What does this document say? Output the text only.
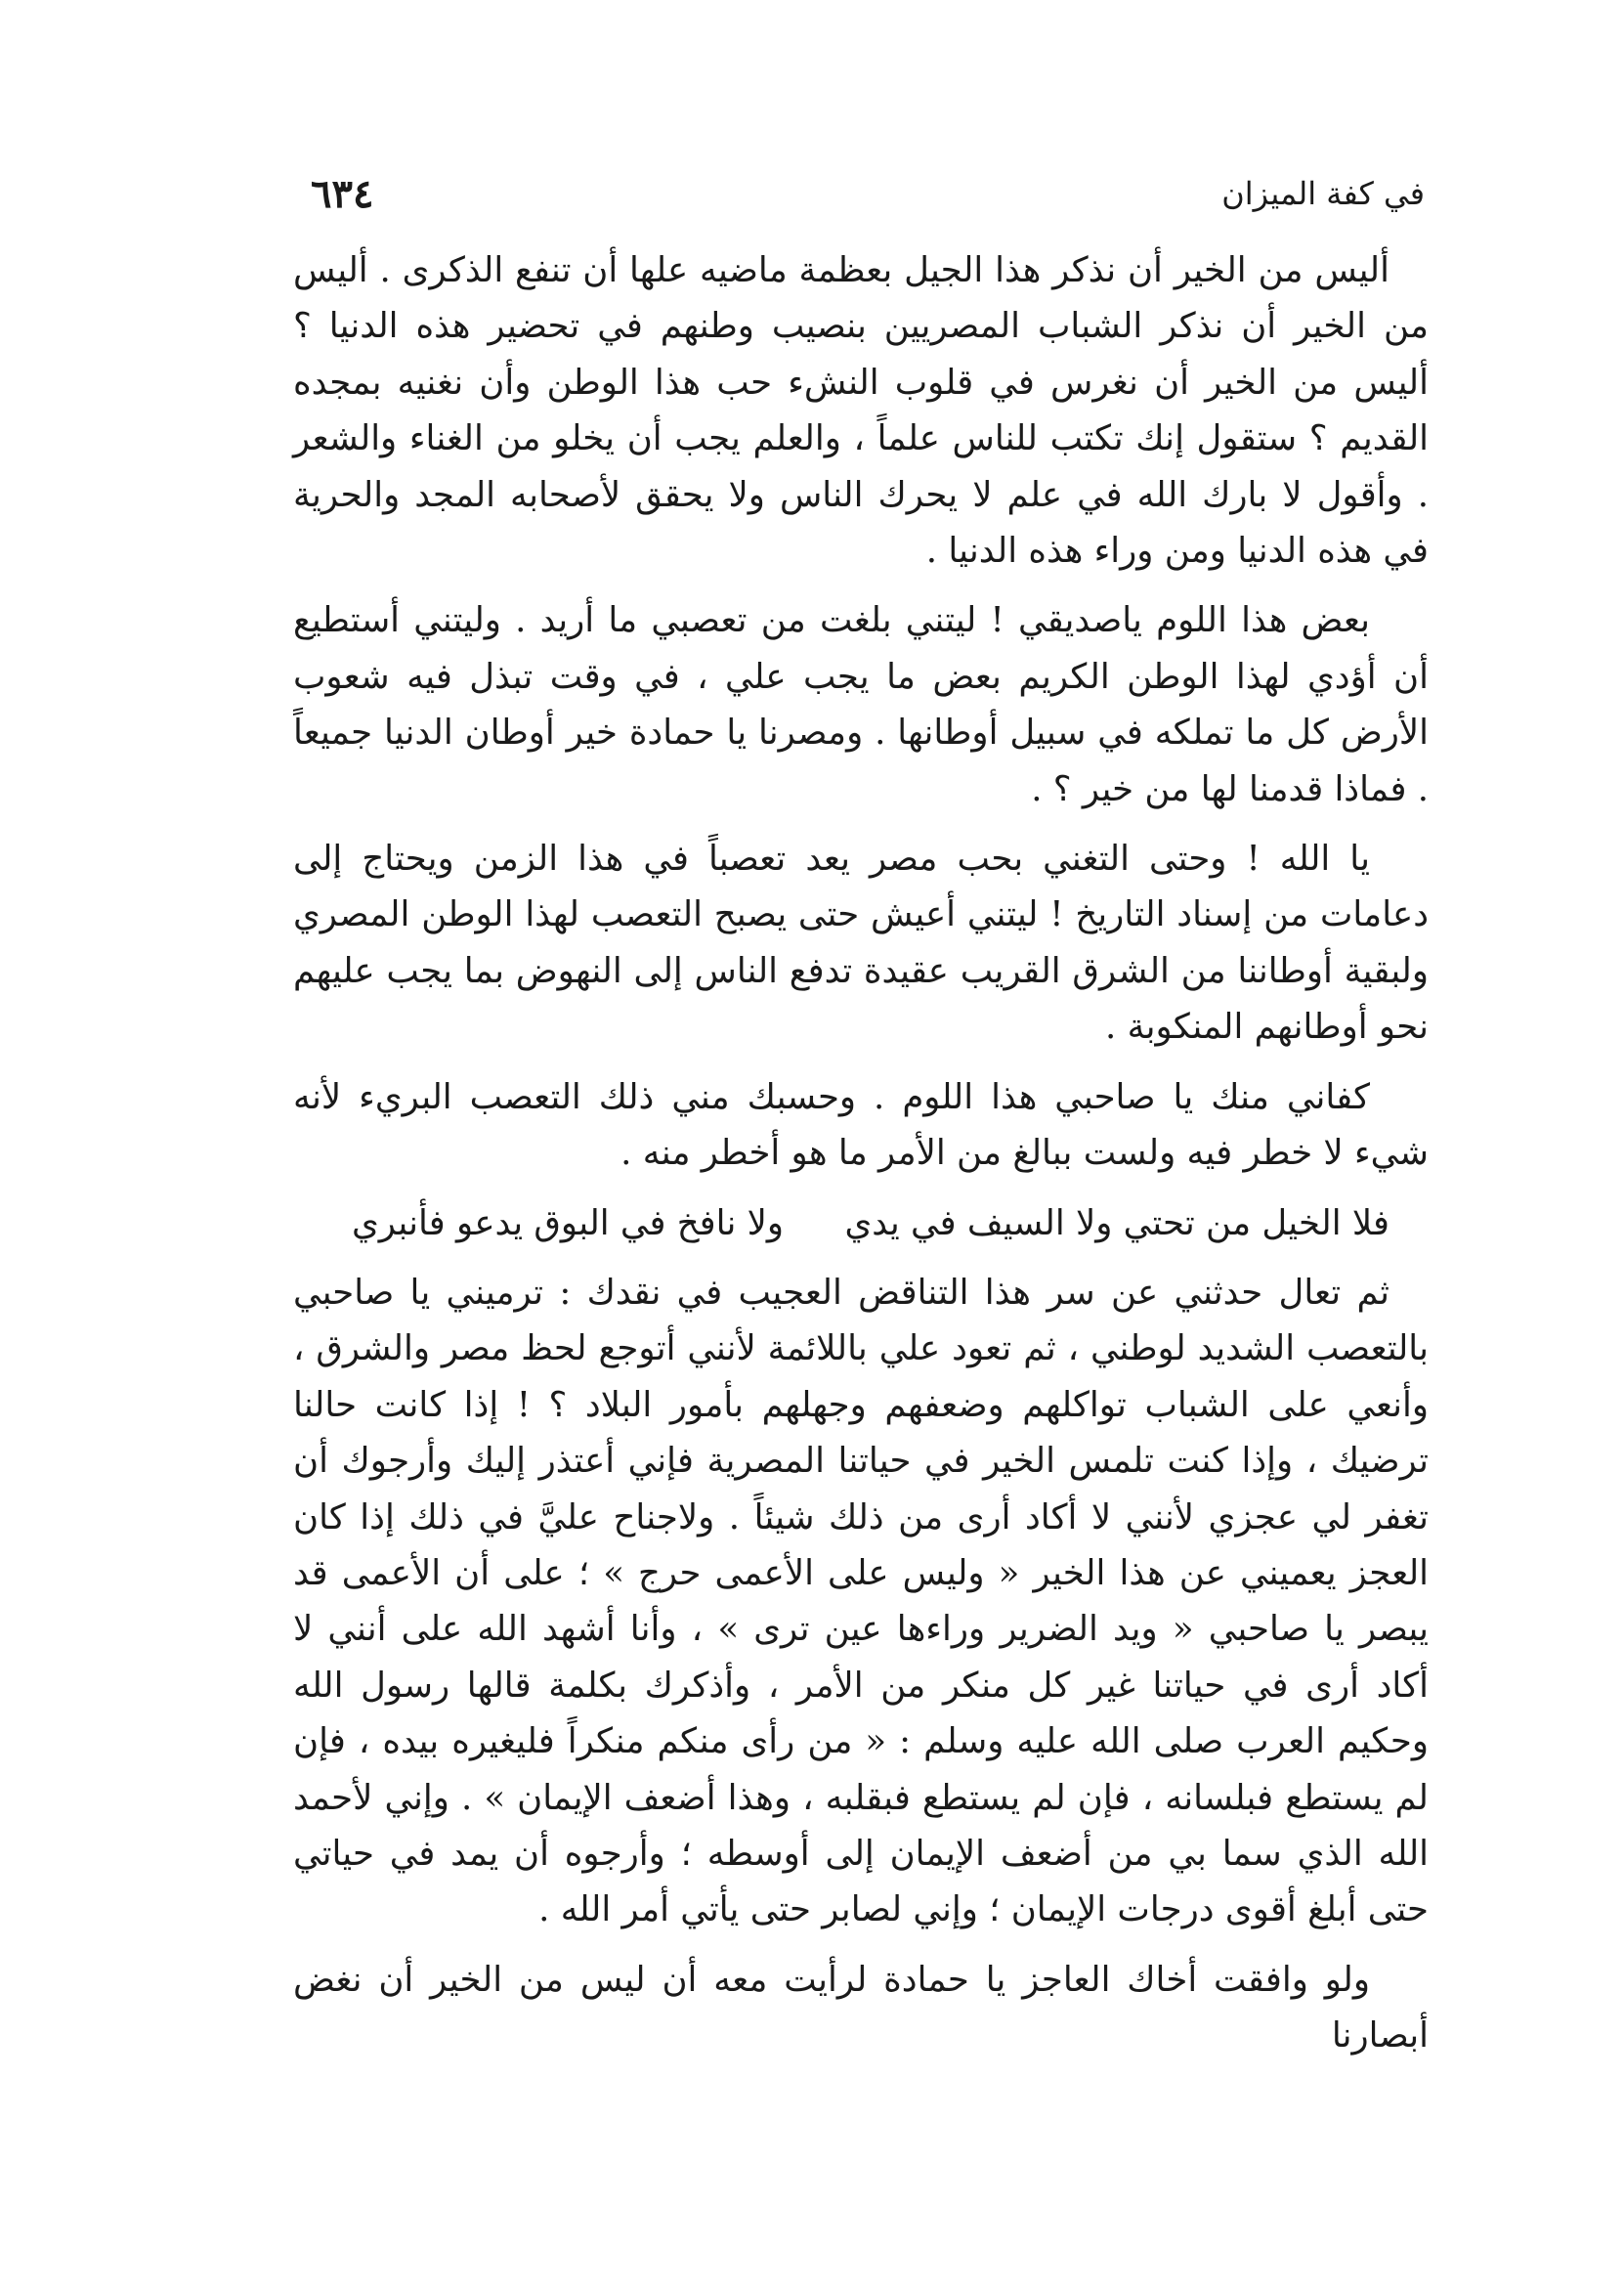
في كفة الميزان
٦٣٤

أليس من الخير أن نذكر هذا الجيل بعظمة ماضيه علها أن تنفع الذكرى . أليس من الخير أن نذكر الشباب المصريين بنصيب وطنهم في تحضير هذه الدنيا ؟ أليس من الخير أن نغرس في قلوب النشء حب هذا الوطن وأن نغنيه بمجده القديم ؟ ستقول إنك تكتب للناس علماً ، والعلم يجب أن يخلو من الغناء والشعر . وأقول لا بارك الله في علم لا يحرك الناس ولا يحقق لأصحابه المجد والحرية في هذه الدنيا ومن وراء هذه الدنيا .

بعض هذا اللوم ياصديقي ! ليتني بلغت من تعصبي ما أريد . وليتني أستطيع أن أؤدي لهذا الوطن الكريم بعض ما يجب علي ، في وقت تبذل فيه شعوب الأرض كل ما تملكه في سبيل أوطانها . ومصرنا يا حمادة خير أوطان الدنيا جميعاً . فماذا قدمنا لها من خير ؟ .

يا الله ! وحتى التغني بحب مصر يعد تعصباً في هذا الزمن ويحتاج إلى دعامات من إسناد التاريخ ! ليتني أعيش حتى يصبح التعصب لهذا الوطن المصري ولبقية أوطاننا من الشرق القريب عقيدة تدفع الناس إلى النهوض بما يجب عليهم نحو أوطانهم المنكوبة .

كفاني منك يا صاحبي هذا اللوم . وحسبك مني ذلك التعصب البريء لأنه شيء لا خطر فيه ولست ببالغ من الأمر ما هو أخطر منه .

فلا الخيل من تحتي ولا السيف في يدي
ولا نافخ في البوق يدعو فأنبري

ثم تعال حدثني عن سر هذا التناقض العجيب في نقدك : ترميني يا صاحبي بالتعصب الشديد لوطني ، ثم تعود علي باللائمة لأنني أتوجع لحظ مصر والشرق ، وأنعي على الشباب تواكلهم وضعفهم وجهلهم بأمور البلاد ؟ ! إذا كانت حالنا ترضيك ، وإذا كنت تلمس الخير في حياتنا المصرية فإني أعتذر إليك وأرجوك أن تغفر لي عجزي لأنني لا أكاد أرى من ذلك شيئاً . ولاجناح عليَّ في ذلك إذا كان العجز يعميني عن هذا الخير « وليس على الأعمى حرج » ؛ على أن الأعمى قد يبصر يا صاحبي « ويد الضرير وراءها عين ترى » ، وأنا أشهد الله على أنني لا أكاد أرى في حياتنا غير كل منكر من الأمر ، وأذكرك بكلمة قالها رسول الله وحكيم العرب صلى الله عليه وسلم : « من رأى منكم منكراً فليغيره بيده ، فإن لم يستطع فبلسانه ، فإن لم يستطع فبقلبه ، وهذا أضعف الإيمان » . وإني لأحمد الله الذي سما بي من أضعف الإيمان إلى أوسطه ؛ وأرجوه أن يمد في حياتي حتى أبلغ أقوى درجات الإيمان ؛ وإني لصابر حتى يأتي أمر الله .

ولو وافقت أخاك العاجز يا حمادة لرأيت معه أن ليس من الخير أن نغض أبصارنا
